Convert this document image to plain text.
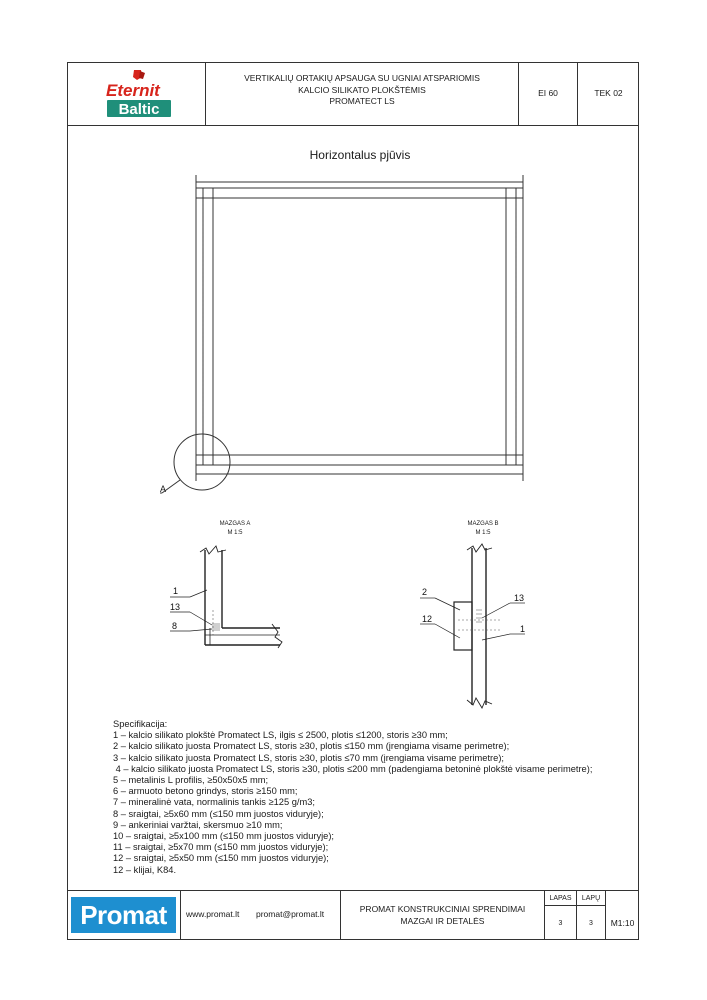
Eternit
Baltic
VERTIKALIŲ ORTAKIŲ APSAUGA SU UGNIAI ATSPARIOMIS
KALCIO SILIKATO PLOKŠTĖMIS
PROMATECT LS
EI 60	TEK 02
Horizontalus pjūvis
A
MAZGAS A
M 1:5
1
13
8
MAZGAS B
M 1:5
2
12
13
1
Specifikacija:
1 – kalcio silikato plokštė Promatect LS, ilgis ≤ 2500, plotis ≤1200, storis ≥30 mm;
2 – kalcio silikato juosta Promatect LS, storis ≥30, plotis ≤150 mm (įrengiama visame perimetre);
3 – kalcio silikato juosta Promatect LS, storis ≥30, plotis ≤70 mm (įrengiama visame perimetre);
4 – kalcio silikato juosta Promatect LS, storis ≥30, plotis ≤200 mm (padengiama betoninė plokštė visame perimetre);
5 – metalinis L profilis, ≥50x50x5 mm;
6 – armuoto betono grindys, storis ≥150 mm;
7 – mineralinė vata, normalinis tankis ≥125 g/m3;
8 – sraigtai, ≥5x60 mm (≤150 mm juostos viduryje);
9 – ankeriniai varžtai, skersmuo ≥10 mm;
10 – sraigtai, ≥5x100 mm (≤150 mm juostos viduryje);
11 – sraigtai, ≥5x70 mm (≤150 mm juostos viduryje);
12 – sraigtai, ≥5x50 mm (≤150 mm juostos viduryje);
12 – klijai, K84.
Promat	www.promat.lt promat@promat.lt	PROMAT KONSTRUKCINIAI SPRENDIMAI
MAZGAI IR DETALĖS
LAPAS	LAPŲ
3	3	M1:10
